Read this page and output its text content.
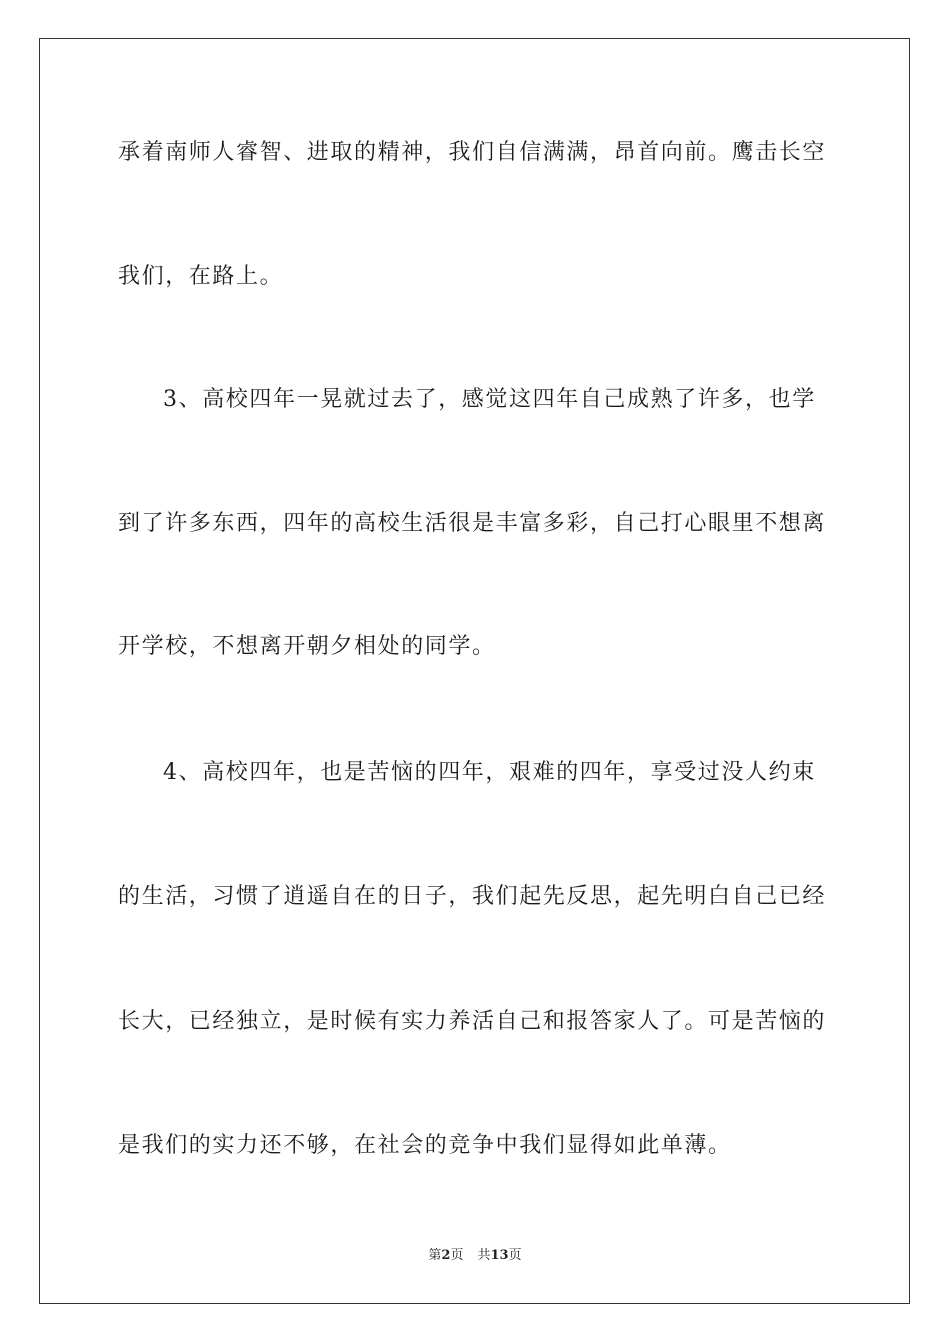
承着南师人睿智、进取的精神，我们自信满满，昂首向前。鹰击长空
我们，在路上。
3、高校四年一晃就过去了，感觉这四年自己成熟了许多，也学
到了许多东西，四年的高校生活很是丰富多彩，自己打心眼里不想离
开学校，不想离开朝夕相处的同学。
4、高校四年，也是苦恼的四年，艰难的四年，享受过没人约束
的生活，习惯了逍遥自在的日子，我们起先反思，起先明白自己已经
长大，已经独立，是时候有实力养活自己和报答家人了。可是苦恼的
是我们的实力还不够，在社会的竞争中我们显得如此单薄。
第2页 共13页
